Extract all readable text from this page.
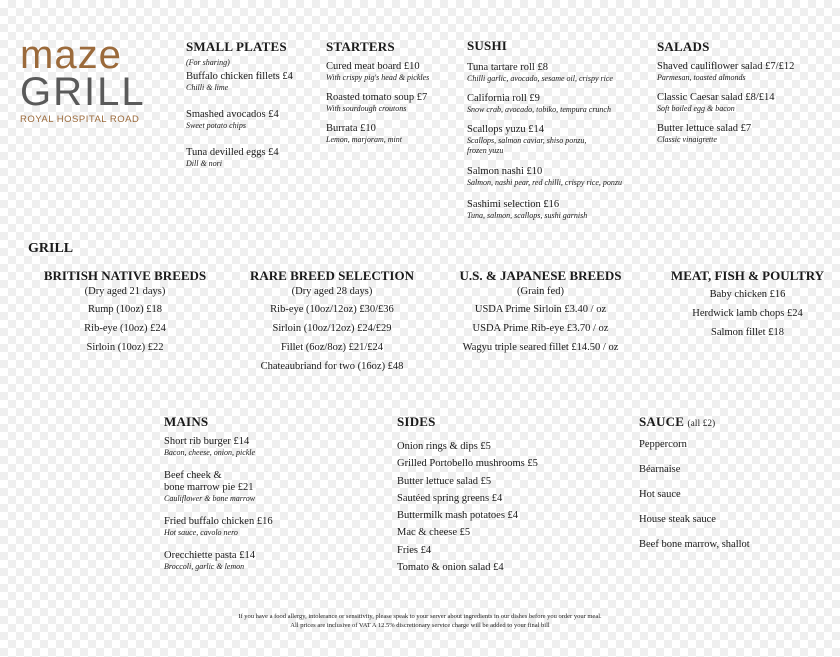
maze
GRILL
ROYAL HOSPITAL ROAD
SMALL PLATES
(For sharing)
Buffalo chicken fillets £4
Chilli & lime
Smashed avocados £4
Sweet potato chips
Tuna devilled eggs £4
Dill & nori
STARTERS
Cured meat board £10
With crispy pig's head & pickles
Roasted tomato soup £7
With sourdough croutons
Burrata £10
Lemon, marjoram, mint
SUSHI
Tuna tartare roll £8
Chilli garlic, avocado, sesame oil, crispy rice
California roll £9
Snow crab, avocado, tobiko, tempura crunch
Scallops yuzu £14
Scallops, salmon caviar, shiso ponzu,
frozen yuzu
Salmon nashi £10
Salmon, nashi pear, red chilli, crispy rice, ponzu
Sashimi selection £16
Tuna, salmon, scallops, sushi garnish
SALADS
Shaved cauliflower salad £7/£12
Parmesan, toasted almonds
Classic Caesar salad £8/£14
Soft boiled egg & bacon
Butter lettuce salad £7
Classic vinaigrette
GRILL
BRITISH NATIVE BREEDS
(Dry aged 21 days)
Rump (10oz) £18
Rib-eye (10oz) £24
Sirloin (10oz) £22
RARE BREED SELECTION
(Dry aged 28 days)
Rib-eye (10oz/12oz) £30/£36
Sirloin (10oz/12oz) £24/£29
Fillet (6oz/8oz) £21/£24
Chateaubriand for two (16oz) £48
U.S. & JAPANESE BREEDS
(Grain fed)
USDA Prime Sirloin £3.40 / oz
USDA Prime Rib-eye £3.70 / oz
Wagyu triple seared fillet £14.50 / oz
MEAT, FISH & POULTRY
Baby chicken £16
Herdwick lamb chops £24
Salmon fillet £18
MAINS
Short rib burger £14
Bacon, cheese, onion, pickle
Beef cheek &
bone marrow pie £21
Cauliflower & bone marrow
Fried buffalo chicken £16
Hot sauce, cavolo nero
Orecchiette pasta £14
Broccoli, garlic & lemon
SIDES
Onion rings & dips £5
Grilled Portobello mushrooms £5
Butter lettuce salad £5
Sautéed spring greens £4
Buttermilk mash potatoes £4
Mac & cheese £5
Fries £4
Tomato & onion salad £4
SAUCE (all £2)
Peppercorn
Béarnaise
Hot sauce
House steak sauce
Beef bone marrow, shallot
If you have a food allergy, intolerance or sensitivity, please speak to your server about ingredients in our dishes before you order your meal.
All prices are inclusive of VAT A 12.5% discretionary service charge will be added to your final bill
